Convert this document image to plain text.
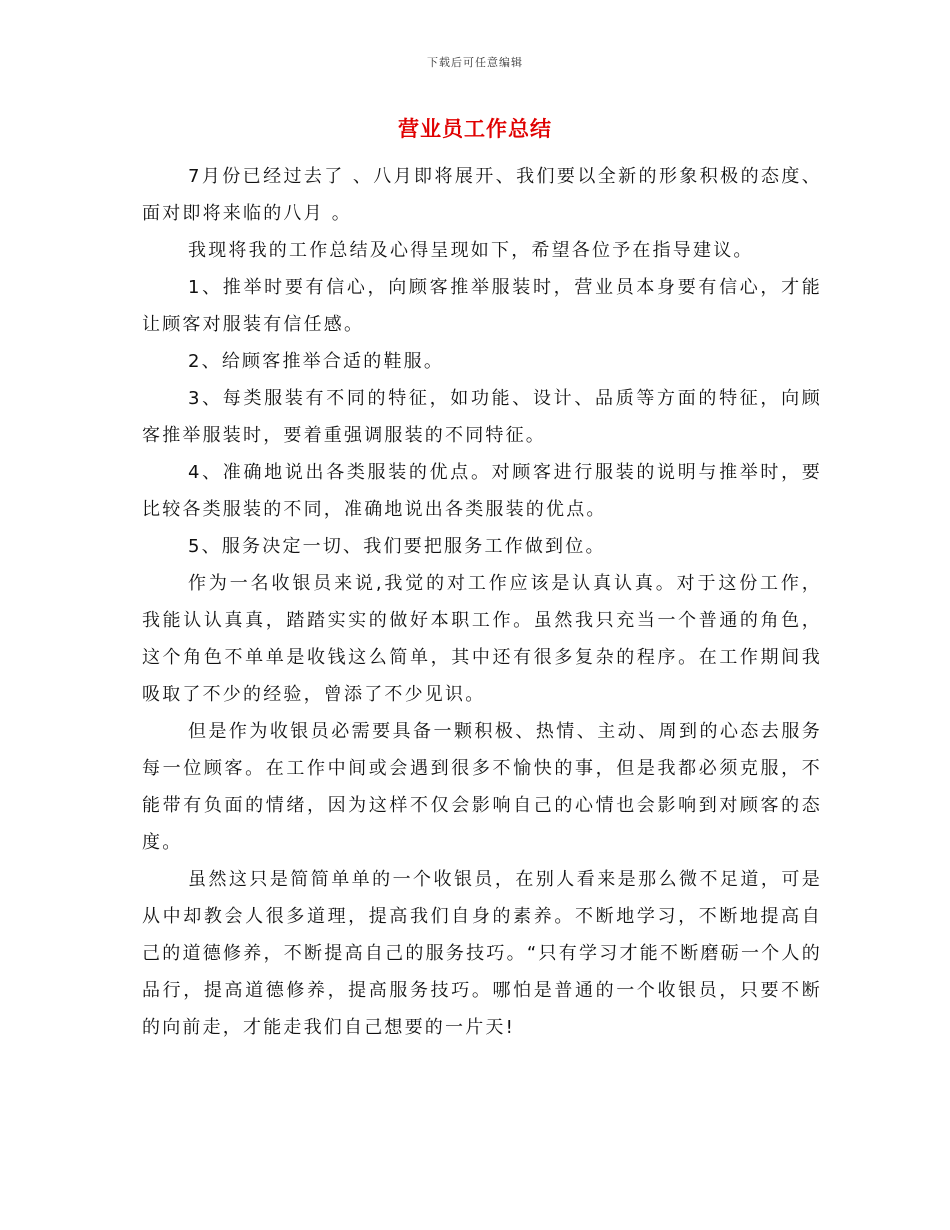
下载后可任意编辑
营业员工作总结

7月份已经过去了 、八月即将展开、我们要以全新的形象积极的态度、面对即将来临的八月 。

我现将我的工作总结及心得呈现如下，希望各位予在指导建议。

1、推举时要有信心，向顾客推举服装时，营业员本身要有信心，才能让顾客对服装有信任感。

2、给顾客推举合适的鞋服。

3、每类服装有不同的特征，如功能、设计、品质等方面的特征，向顾客推举服装时，要着重强调服装的不同特征。

4、准确地说出各类服装的优点。对顾客进行服装的说明与推举时，要比较各类服装的不同，准确地说出各类服装的优点。

5、服务决定一切、我们要把服务工作做到位。

作为一名收银员来说,我觉的对工作应该是认真认真。对于这份工作，我能认认真真，踏踏实实的做好本职工作。虽然我只充当一个普通的角色，这个角色不单单是收钱这么简单，其中还有很多复杂的程序。在工作期间我吸取了不少的经验，曾添了不少见识。

但是作为收银员必需要具备一颗积极、热情、主动、周到的心态去服务每一位顾客。在工作中间或会遇到很多不愉快的事，但是我都必须克服，不能带有负面的情绪，因为这样不仅会影响自己的心情也会影响到对顾客的态度。

虽然这只是简简单单的一个收银员，在别人看来是那么微不足道，可是从中却教会人很多道理，提高我们自身的素养。不断地学习，不断地提高自己的道德修养，不断提高自己的服务技巧。“只有学习才能不断磨砺一个人的品行，提高道德修养，提高服务技巧。哪怕是普通的一个收银员，只要不断的向前走，才能走我们自己想要的一片天!
